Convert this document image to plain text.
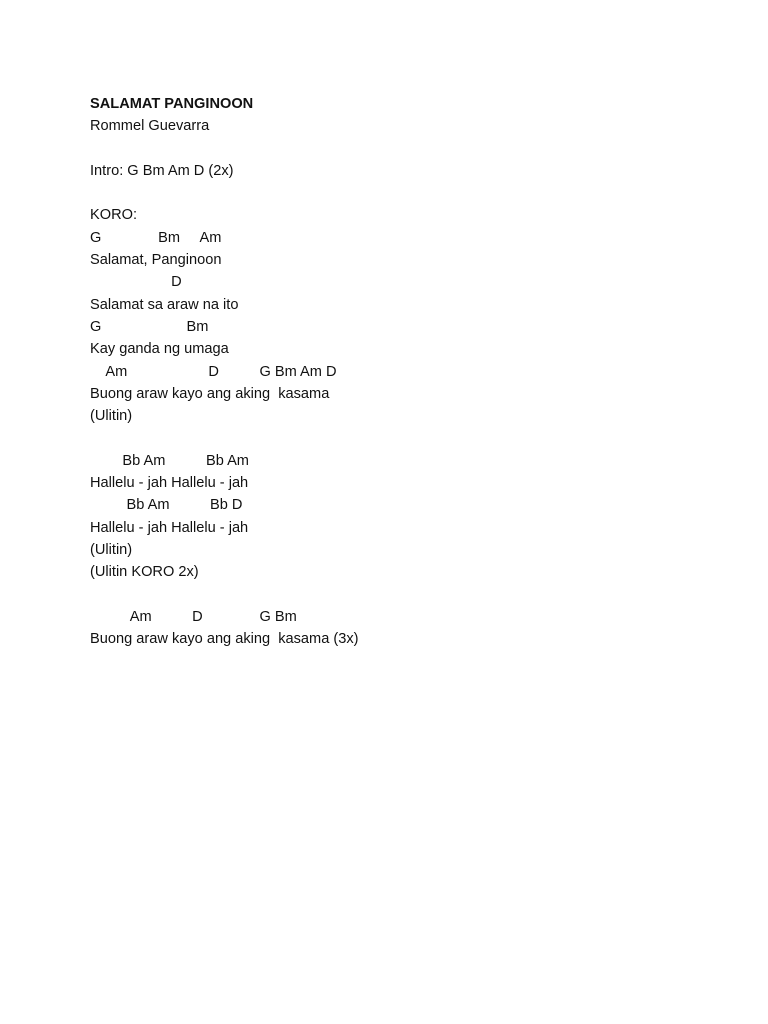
SALAMAT PANGINOON
Rommel Guevarra
Intro: G Bm Am D (2x)
KORO:
G              Bm     Am
Salamat, Panginoon
D
Salamat sa araw na ito
G                     Bm
Kay ganda ng umaga
Am                    D          G Bm Am D
Buong araw kayo ang aking  kasama
(Ulitin)
Bb Am          Bb Am
Hallelu - jah Hallelu - jah
Bb Am          Bb D
Hallelu - jah Hallelu - jah
(Ulitin)
(Ulitin KORO 2x)
Am          D              G Bm
Buong araw kayo ang aking  kasama (3x)
